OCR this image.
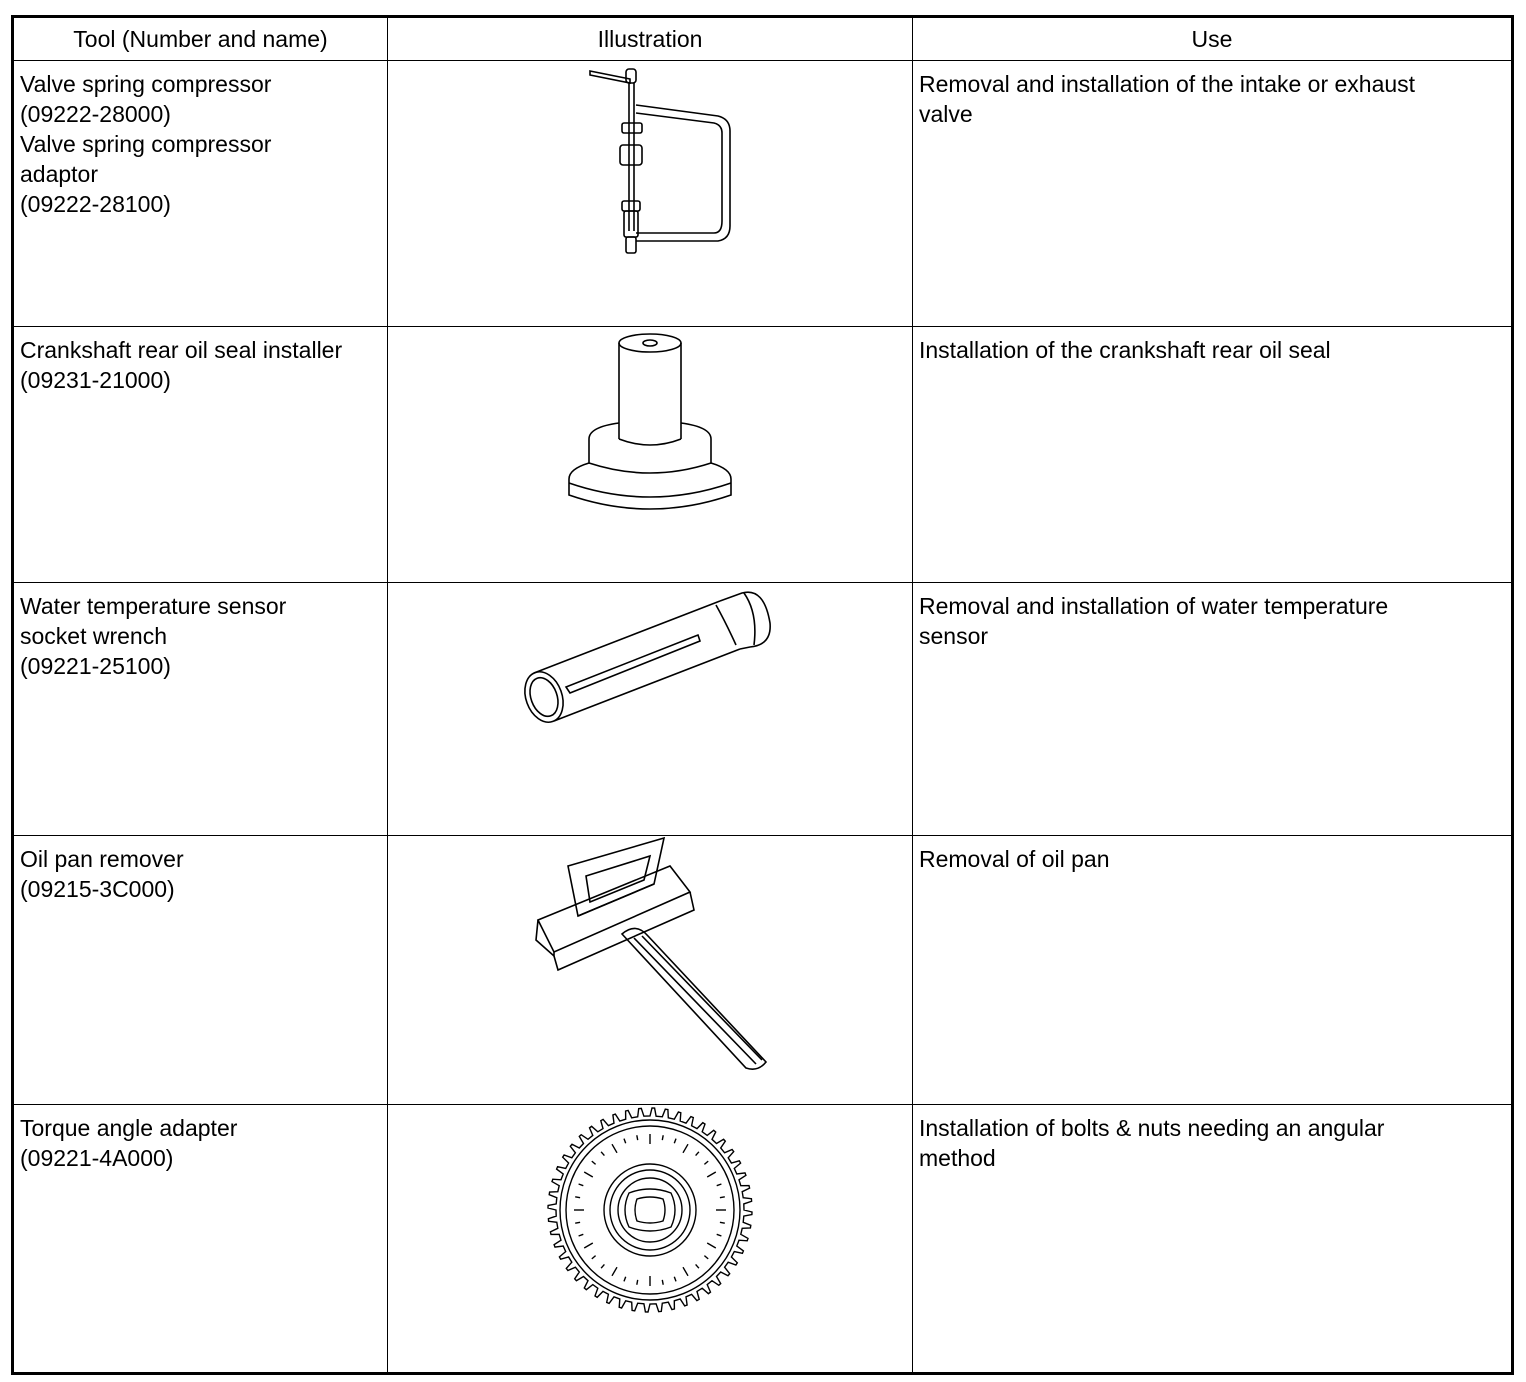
Tool (Number and name)	Illustration	Use

Valve spring compressor
(09222-28000)
Valve spring compressor
adaptor
(09222-28100)		Removal and installation of the intake or exhaust
valve

Crankshaft rear oil seal installer
(09231-21000)		Installation of the crankshaft rear oil seal

Water temperature sensor
socket wrench
(09221-25100)		Removal and installation of water temperature
sensor

Oil pan remover
(09215-3C000)		Removal of oil pan

Torque angle adapter
(09221-4A000)		Installation of bolts & nuts needing an angular
method
